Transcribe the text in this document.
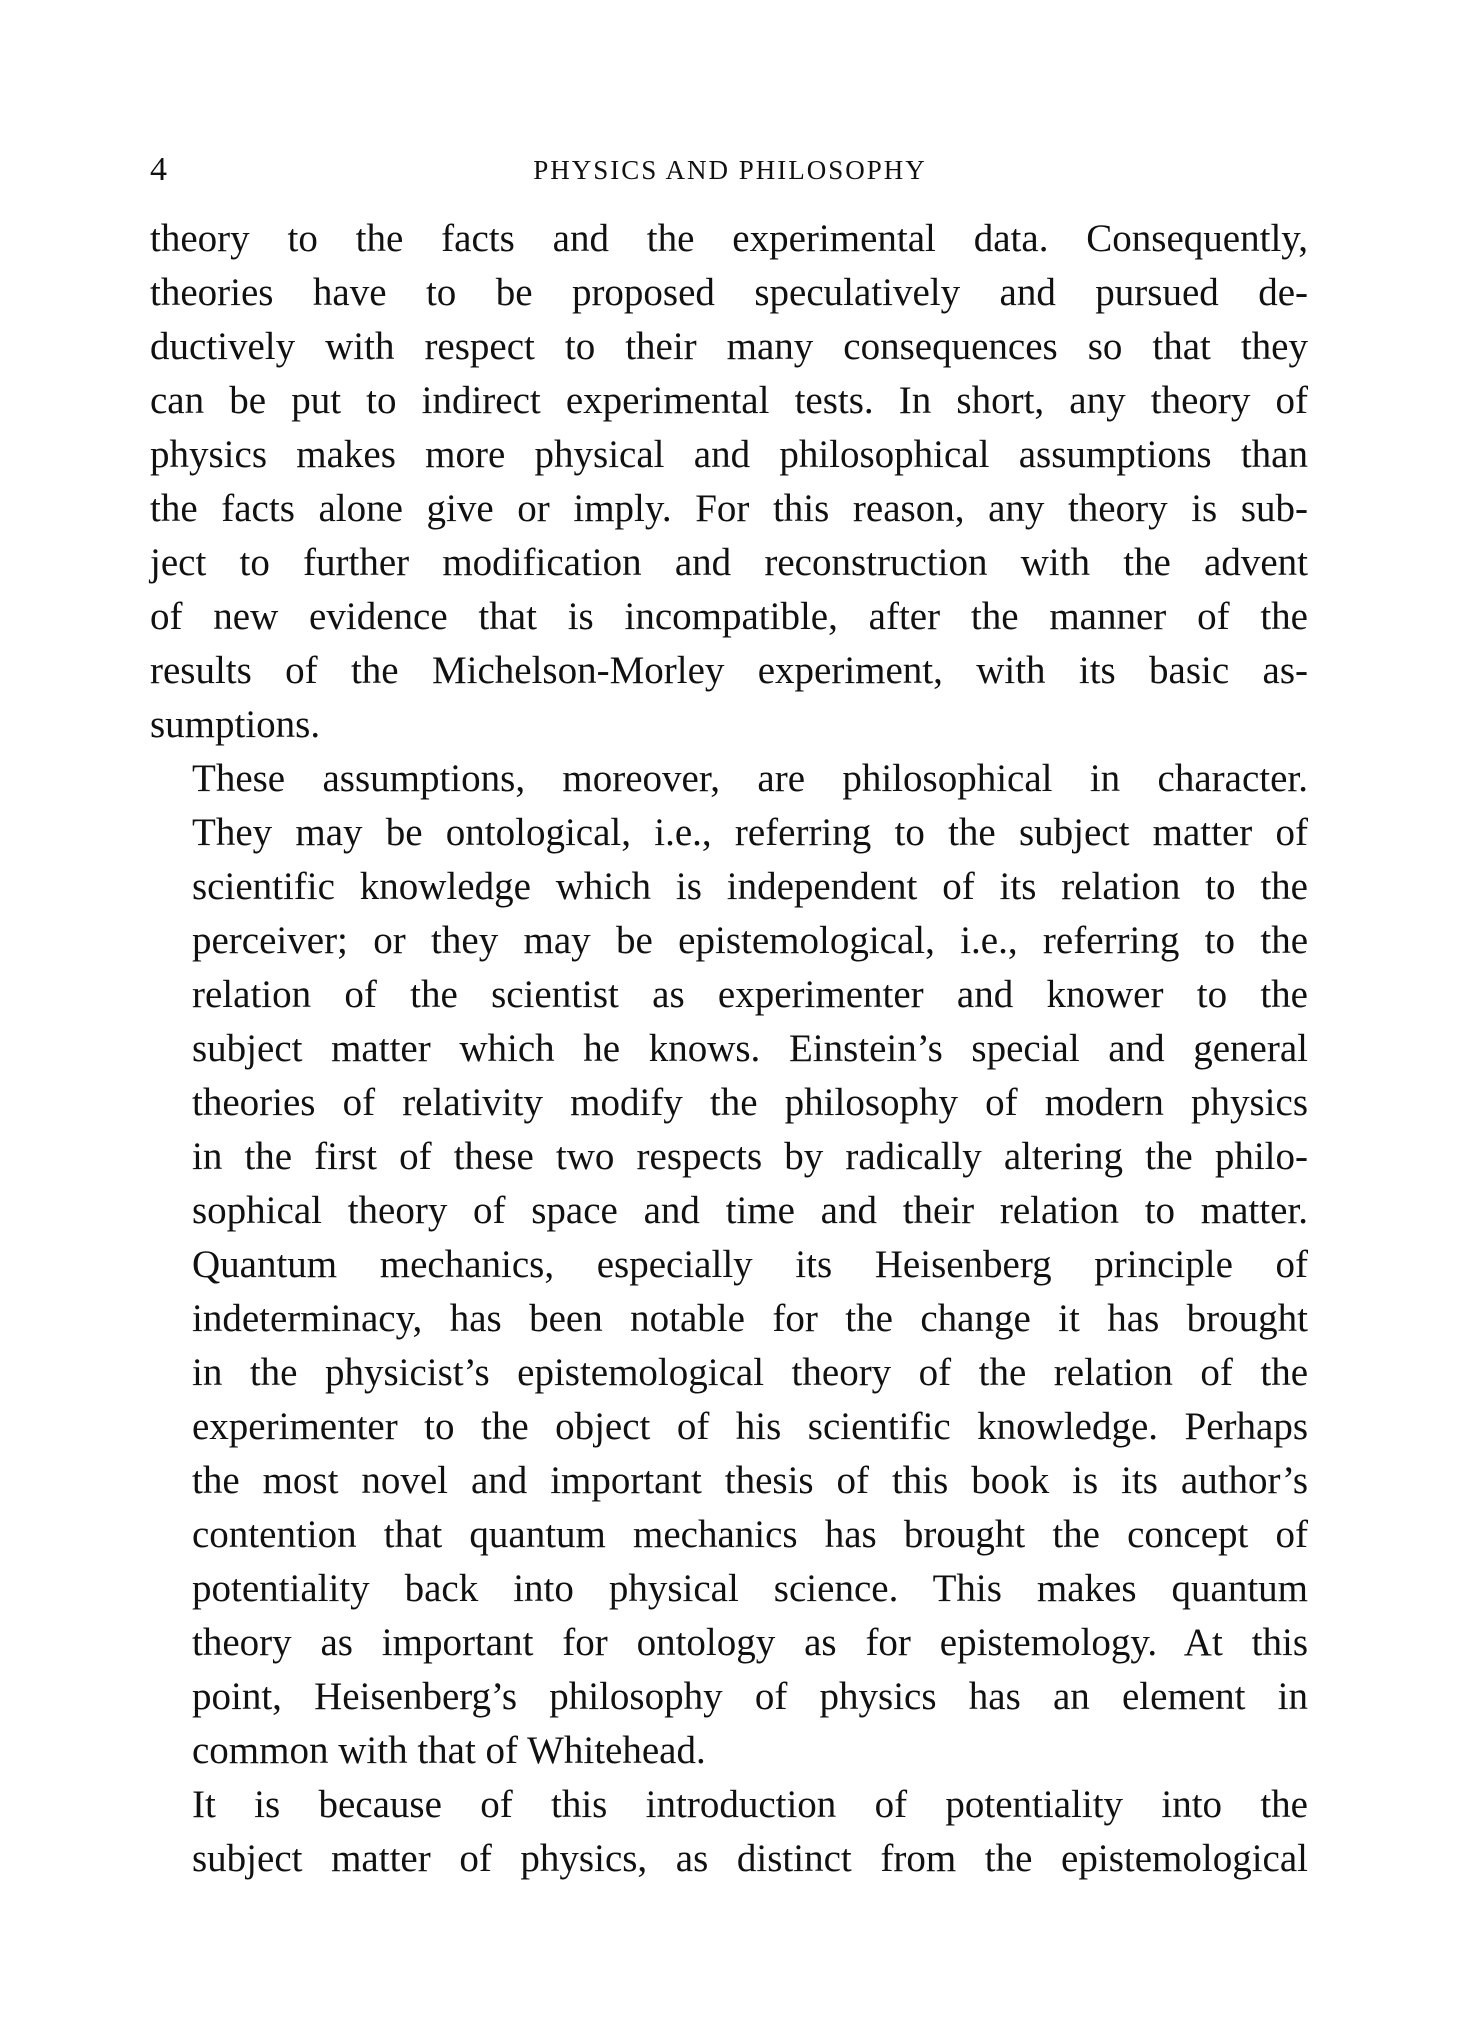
4	PHYSICS AND PHILOSOPHY

theory to the facts and the experimental data. Consequently,
theories have to be proposed speculatively and pursued de-
ductively with respect to their many consequences so that they
can be put to indirect experimental tests. In short, any theory of
physics makes more physical and philosophical assumptions than
the facts alone give or imply. For this reason, any theory is sub-
ject to further modification and reconstruction with the advent
of new evidence that is incompatible, after the manner of the
results of the Michelson-Morley experiment, with its basic as-
sumptions.

These assumptions, moreover, are philosophical in character.
They may be ontological, i.e., referring to the subject matter of
scientific knowledge which is independent of its relation to the
perceiver; or they may be epistemological, i.e., referring to the
relation of the scientist as experimenter and knower to the
subject matter which he knows. Einstein’s special and general
theories of relativity modify the philosophy of modern physics
in the first of these two respects by radically altering the philo-
sophical theory of space and time and their relation to matter.
Quantum mechanics, especially its Heisenberg principle of
indeterminacy, has been notable for the change it has brought
in the physicist’s epistemological theory of the relation of the
experimenter to the object of his scientific knowledge. Perhaps
the most novel and important thesis of this book is its author’s
contention that quantum mechanics has brought the concept of
potentiality back into physical science. This makes quantum
theory as important for ontology as for epistemology. At this
point, Heisenberg’s philosophy of physics has an element in
common with that of Whitehead.

It is because of this introduction of potentiality into the
subject matter of physics, as distinct from the epistemological
